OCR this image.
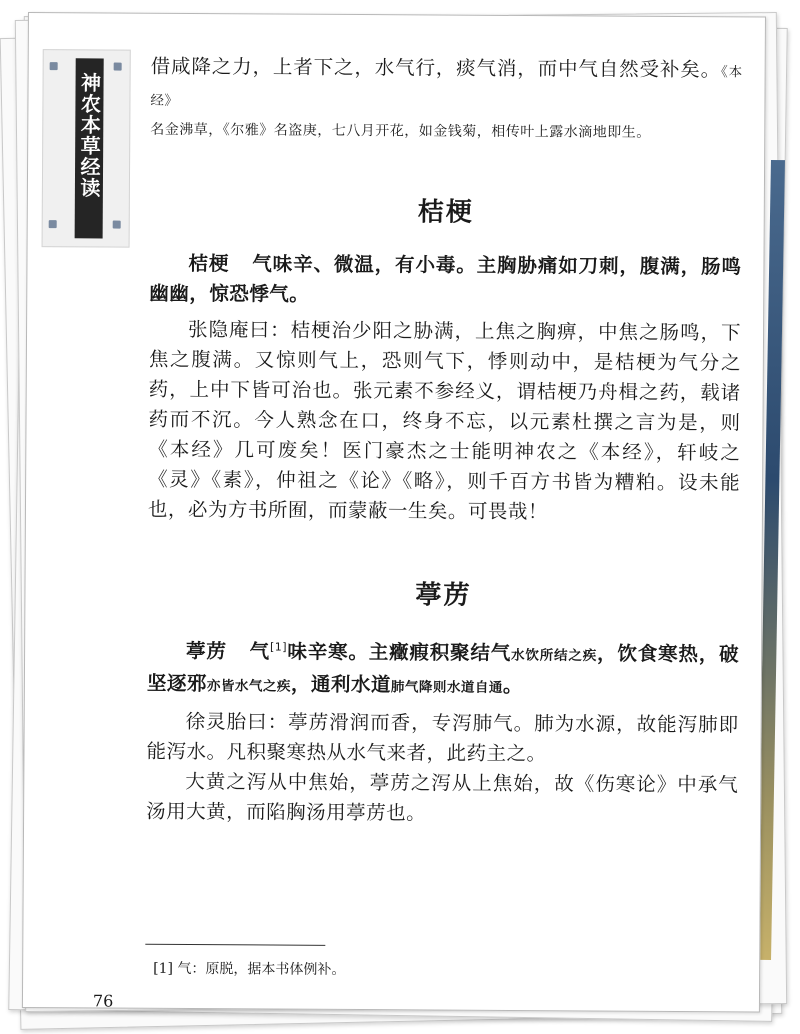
神农本草经读

借咸降之力，上者下之，水气行，痰气消，而中气自然受补矣。《本经》

名金沸草，《尔雅》名盗庚，七八月开花，如金钱菊，相传叶上露水滴地即生。

桔梗

桔梗 气味辛、微温，有小毒。主胸胁痛如刀刺，腹满，肠鸣幽幽，惊恐悸气。

张隐庵曰：桔梗治少阳之胁满，上焦之胸痹，中焦之肠鸣，下焦之腹满。又惊则气上，恐则气下，悸则动中，是桔梗为气分之药，上中下皆可治也。张元素不参经义，谓桔梗乃舟楫之药，载诸药而不沉。今人熟念在口，终身不忘，以元素杜撰之言为是，则《本经》几可废矣！医门豪杰之士能明神农之《本经》，轩岐之《灵》《素》，仲祖之《论》《略》，则千百方书皆为糟粕。设未能也，必为方书所囿，而蒙蔽一生矣。可畏哉！

葶苈

葶苈 气[1]味辛寒。主癥瘕积聚结气水饮所结之疾，饮食寒热，破坚逐邪亦皆水气之疾，通利水道肺气降则水道自通。

徐灵胎曰：葶苈滑润而香，专泻肺气。肺为水源，故能泻肺即能泻水。凡积聚寒热从水气来者，此药主之。

大黄之泻从中焦始，葶苈之泻从上焦始，故《伤寒论》中承气汤用大黄，而陷胸汤用葶苈也。

[1] 气：原脱，据本书体例补。
76
